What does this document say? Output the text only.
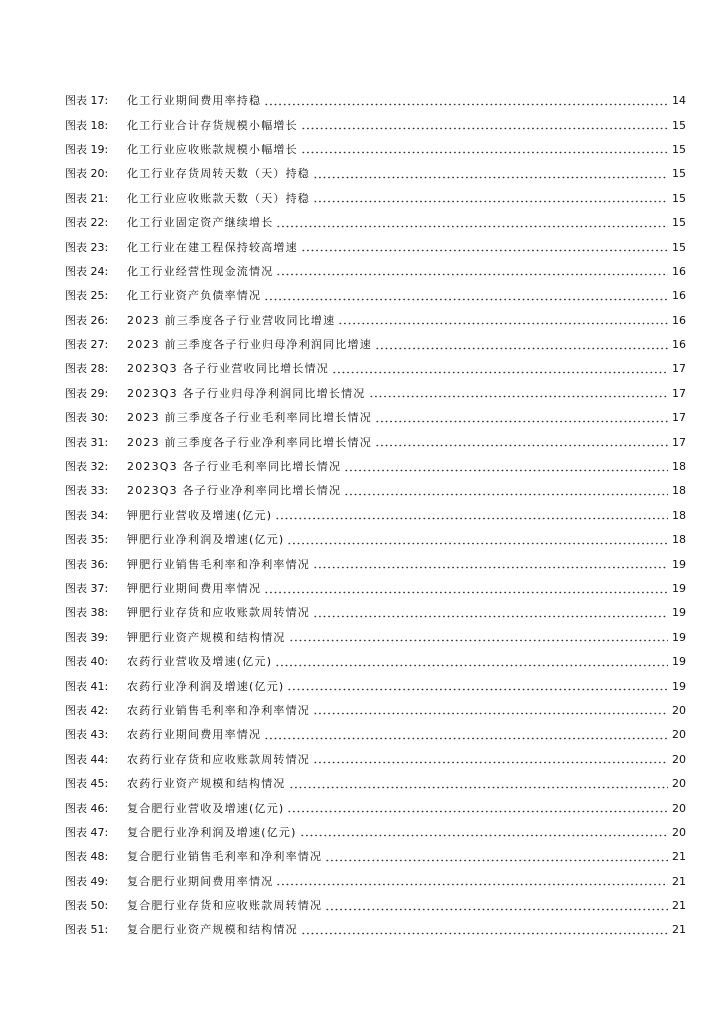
图表 17:	化工行业期间费用率持稳	14
图表 18:	化工行业合计存货规模小幅增长	15
图表 19:	化工行业应收账款规模小幅增长	15
图表 20:	化工行业存货周转天数（天）持稳	15
图表 21:	化工行业应收账款天数（天）持稳	15
图表 22:	化工行业固定资产继续增长	15
图表 23:	化工行业在建工程保持较高增速	15
图表 24:	化工行业经营性现金流情况	16
图表 25:	化工行业资产负债率情况	16
图表 26:	2023 前三季度各子行业营收同比增速	16
图表 27:	2023 前三季度各子行业归母净利润同比增速	16
图表 28:	2023Q3 各子行业营收同比增长情况	17
图表 29:	2023Q3 各子行业归母净利润同比增长情况	17
图表 30:	2023 前三季度各子行业毛利率同比增长情况	17
图表 31:	2023 前三季度各子行业净利率同比增长情况	17
图表 32:	2023Q3 各子行业毛利率同比增长情况	18
图表 33:	2023Q3 各子行业净利率同比增长情况	18
图表 34:	钾肥行业营收及增速(亿元)	18
图表 35:	钾肥行业净利润及增速(亿元)	18
图表 36:	钾肥行业销售毛利率和净利率情况	19
图表 37:	钾肥行业期间费用率情况	19
图表 38:	钾肥行业存货和应收账款周转情况	19
图表 39:	钾肥行业资产规模和结构情况	19
图表 40:	农药行业营收及增速(亿元)	19
图表 41:	农药行业净利润及增速(亿元)	19
图表 42:	农药行业销售毛利率和净利率情况	20
图表 43:	农药行业期间费用率情况	20
图表 44:	农药行业存货和应收账款周转情况	20
图表 45:	农药行业资产规模和结构情况	20
图表 46:	复合肥行业营收及增速(亿元)	20
图表 47:	复合肥行业净利润及增速(亿元)	20
图表 48:	复合肥行业销售毛利率和净利率情况	21
图表 49:	复合肥行业期间费用率情况	21
图表 50:	复合肥行业存货和应收账款周转情况	21
图表 51:	复合肥行业资产规模和结构情况	21
